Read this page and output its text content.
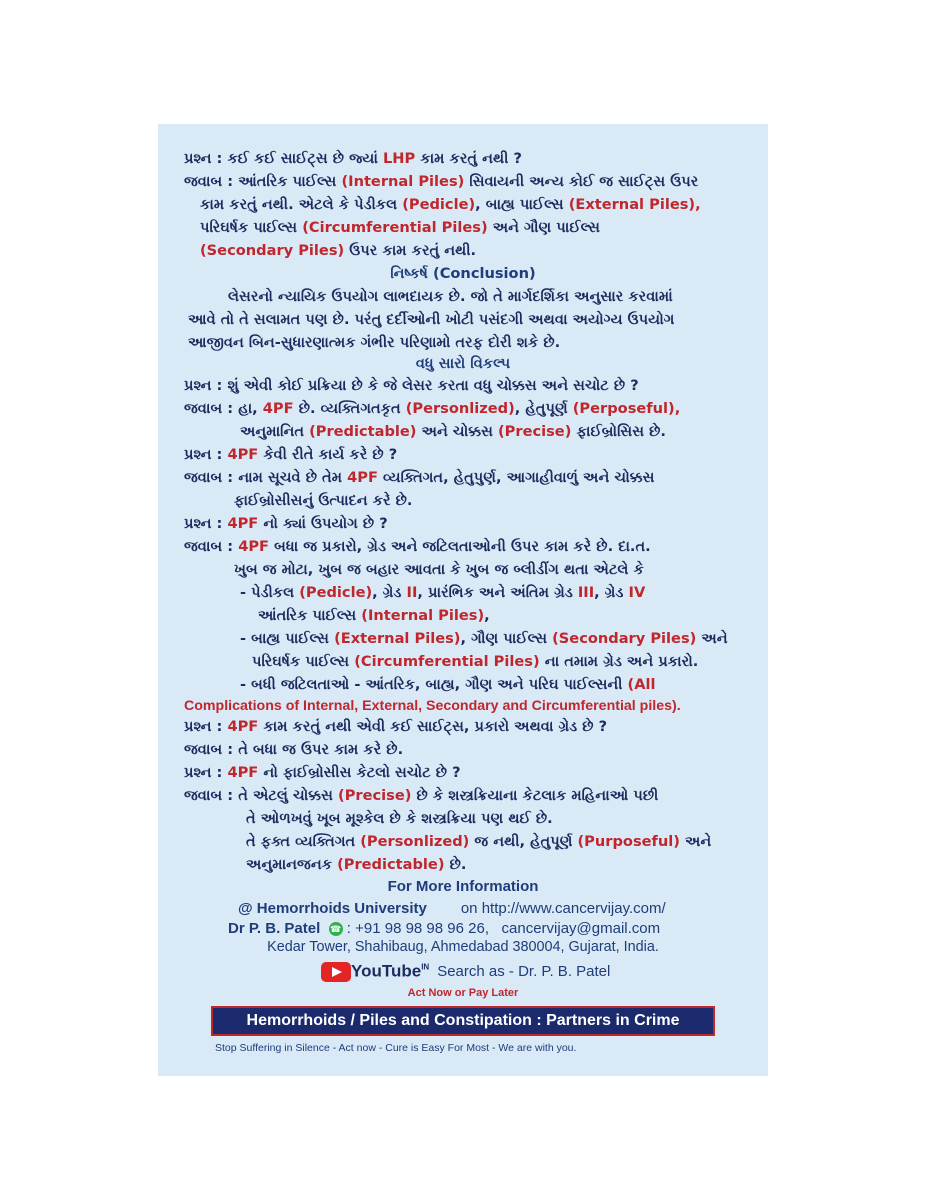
પ્રશ્ન : કઈ કઈ સાઈટ્સ છે જ્યાં LHP કામ કરતું નથી ?
જવાબ : આંતરિક પાઈલ્સ (Internal Piles) સિવાયની અન્ય કોઈ જ સાઈટ્સ ઉપર
કામ કરતું નથી. એટલે કે પેડીકલ (Pedicle), બાહ્ય પાઈલ્સ (External Piles),
પરિઘર્ષક પાઈલ્સ (Circumferential Piles) અને ગૌણ પાઈલ્સ
(Secondary Piles) ઉપર કામ કરતું નથી.
નિષ્કર્ષ (Conclusion)
લેસરનો ન્યાયિક ઉપયોગ લાભદાયક છે. જો તે માર્ગદર્શિકા અનુસાર કરવામાં
આવે તો તે સલામત પણ છે. પરંતુ દર્દીઓની ખોટી પસંદગી અથવા અયોગ્ય ઉપયોગ
આજીવન બિન-સુધારણાત્મક ગંભીર પરિણામો તરફ દોરી શકે છે.
વધુ સારો વિકલ્પ
પ્રશ્ન : શું એવી કોઈ પ્રક્રિયા છે કે જે લેસર કરતા વધુ ચોક્કસ અને સચોટ છે ?
જવાબ : હા, 4PF છે. વ્યક્તિગતકૃત (Personlized), હેતુપૂર્ણ (Perposeful),
અનુમાનિત (Predictable) અને ચોક્કસ (Precise) ફાઈબ્રોસિસ છે.
પ્રશ્ન : 4PF કેવી રીતે કાર્ય કરે છે ?
જવાબ : નામ સૂચવે છે તેમ 4PF વ્યક્તિગત, હેતુપુર્ણ, આગાહીવાળું અને ચોક્કસ
ફાઈબ્રોસીસનું ઉત્પાદન કરે છે.
પ્રશ્ન : 4PF નો ક્યાં ઉપયોગ છે ?
જવાબ : 4PF બધા જ પ્રકારો, ગ્રેડ અને જટિલતાઓની ઉપર કામ કરે છે. દા.ત.
ખુબ જ મોટા, ખુબ જ બહાર આવતા કે ખુબ જ બ્લીડીંગ થતા એટલે કે
- પેડીકલ (Pedicle), ગ્રેડ II, પ્રારંભિક અને અંતિમ ગ્રેડ III, ગ્રેડ IV
આંતરિક પાઈલ્સ (Internal Piles),
- બાહ્ય પાઈલ્સ (External Piles), ગૌણ પાઈલ્સ (Secondary Piles) અને
પરિઘર્ષક પાઈલ્સ (Circumferential Piles) ના તમામ ગ્રેડ અને પ્રકારો.
- બધી જટિલતાઓ - આંતરિક, બાહ્ય, ગૌણ અને પરિઘ પાઈલ્સની (All
Complications of Internal, External, Secondary and Circumferential piles).
પ્રશ્ન : 4PF કામ કરતું નથી એવી કઈ સાઈટ્સ, પ્રકારો અથવા ગ્રેડ છે ?
જવાબ : તે બધા જ ઉપર કામ કરે છે.
પ્રશ્ન : 4PF નો ફાઈબ્રોસીસ કેટલો સચોટ છે ?
જવાબ : તે એટલું ચોક્કસ (Precise) છે કે શસ્ત્રક્રિયાના કેટલાક મહિનાઓ પછી
તે ઓળખવું ખૂબ મૂશ્કેલ છે કે શસ્ત્રક્રિયા પણ થઈ છે.
તે ફક્ત વ્યક્તિગત (Personlized) જ નથી, હેતુપૂર્ણ (Purposeful) અને
અનુમાનજનક (Predictable) છે.
For More Information
@ Hemorrhoids University on http://www.cancervijay.com/
Dr P. B. Patel ☎ : +91 98 98 98 96 26, cancervijay@gmail.com
Kedar Tower, Shahibaug, Ahmedabad 380004, Gujarat, India.
YouTube$^{IN}$ Search as - Dr. P. B. Patel
Act Now or Pay Later
Hemorrhoids / Piles and Constipation : Partners in Crime
Stop Suffering in Silence - Act now - Cure is Easy For Most - We are with you.
